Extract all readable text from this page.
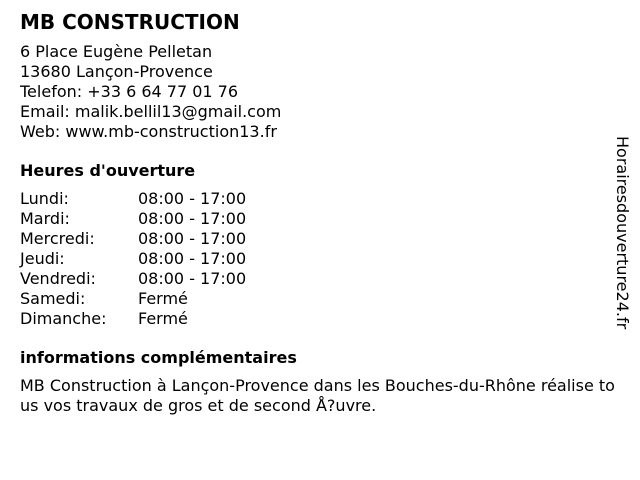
MB CONSTRUCTION
6 Place Eugène Pelletan
13680 Lançon-Provence
Telefon: +33 6 64 77 01 76
Email: malik.bellil13@gmail.com
Web: www.mb-construction13.fr
Heures d'ouverture
Lundi:	08:00 - 17:00
Mardi:	08:00 - 17:00
Mercredi:	08:00 - 17:00
Jeudi:	08:00 - 17:00
Vendredi:	08:00 - 17:00
Samedi:	Fermé
Dimanche:	Fermé
informations complémentaires
MB Construction à Lançon-Provence dans les Bouches-du-Rhône réalise tous vos travaux de gros et de second Å?uvre.
Horairesdouverture24.fr
